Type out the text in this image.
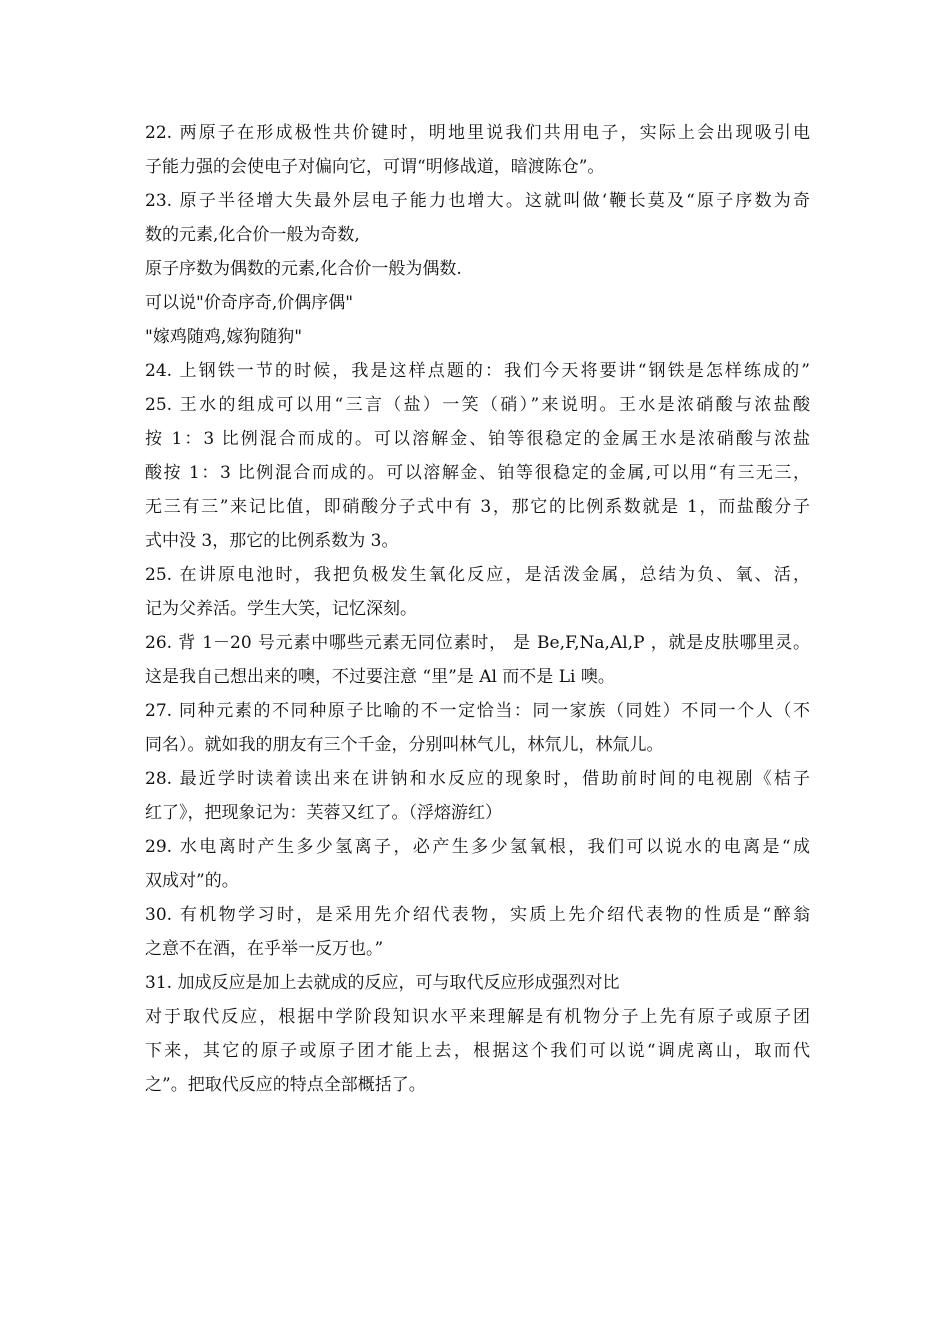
22. 两原子在形成极性共价键时，明地里说我们共用电子，实际上会出现吸引电
子能力强的会使电子对偏向它，可谓“明修战道，暗渡陈仓”。
23. 原子半径增大失最外层电子能力也增大。这就叫做‘鞭长莫及“原子序数为奇
数的元素,化合价一般为奇数,
原子序数为偶数的元素,化合价一般为偶数.
可以说"价奇序奇,价偶序偶"
"嫁鸡随鸡,嫁狗随狗"
24. 上钢铁一节的时候，我是这样点题的：我们今天将要讲“钢铁是怎样练成的”
25. 王水的组成可以用“三言（盐）一笑（硝）”来说明。王水是浓硝酸与浓盐酸
按 1：3 比例混合而成的。可以溶解金、铂等很稳定的金属王水是浓硝酸与浓盐
酸按 1：3 比例混合而成的。可以溶解金、铂等很稳定的金属,可以用“有三无三，
无三有三”来记比值，即硝酸分子式中有 3，那它的比例系数就是 1，而盐酸分子
式中没 3，那它的比例系数为 3。
25. 在讲原电池时，我把负极发生氧化反应，是活泼金属，总结为负、氧、活，
记为父养活。学生大笑，记忆深刻。
26. 背 1－20 号元素中哪些元素无同位素时， 是 Be,F,Na,Al,P ，就是皮肤哪里灵。
这是我自己想出来的噢，不过要注意 “里”是 Al 而不是 Li 噢。
27. 同种元素的不同种原子比喻的不一定恰当：同一家族（同姓）不同一个人（不
同名）。就如我的朋友有三个千金，分别叫林气儿，林氘儿，林氚儿。
28. 最近学时读着读出来在讲钠和水反应的现象时，借助前时间的电视剧《桔子
红了》，把现象记为：芙蓉又红了。（浮熔游红）
29. 水电离时产生多少氢离子，必产生多少氢氧根，我们可以说水的电离是“成
双成对”的。
30. 有机物学习时，是采用先介绍代表物，实质上先介绍代表物的性质是“醉翁
之意不在酒，在乎举一反万也。”
31. 加成反应是加上去就成的反应，可与取代反应形成强烈对比
对于取代反应，根据中学阶段知识水平来理解是有机物分子上先有原子或原子团
下来，其它的原子或原子团才能上去，根据这个我们可以说“调虎离山，取而代
之”。把取代反应的特点全部概括了。
